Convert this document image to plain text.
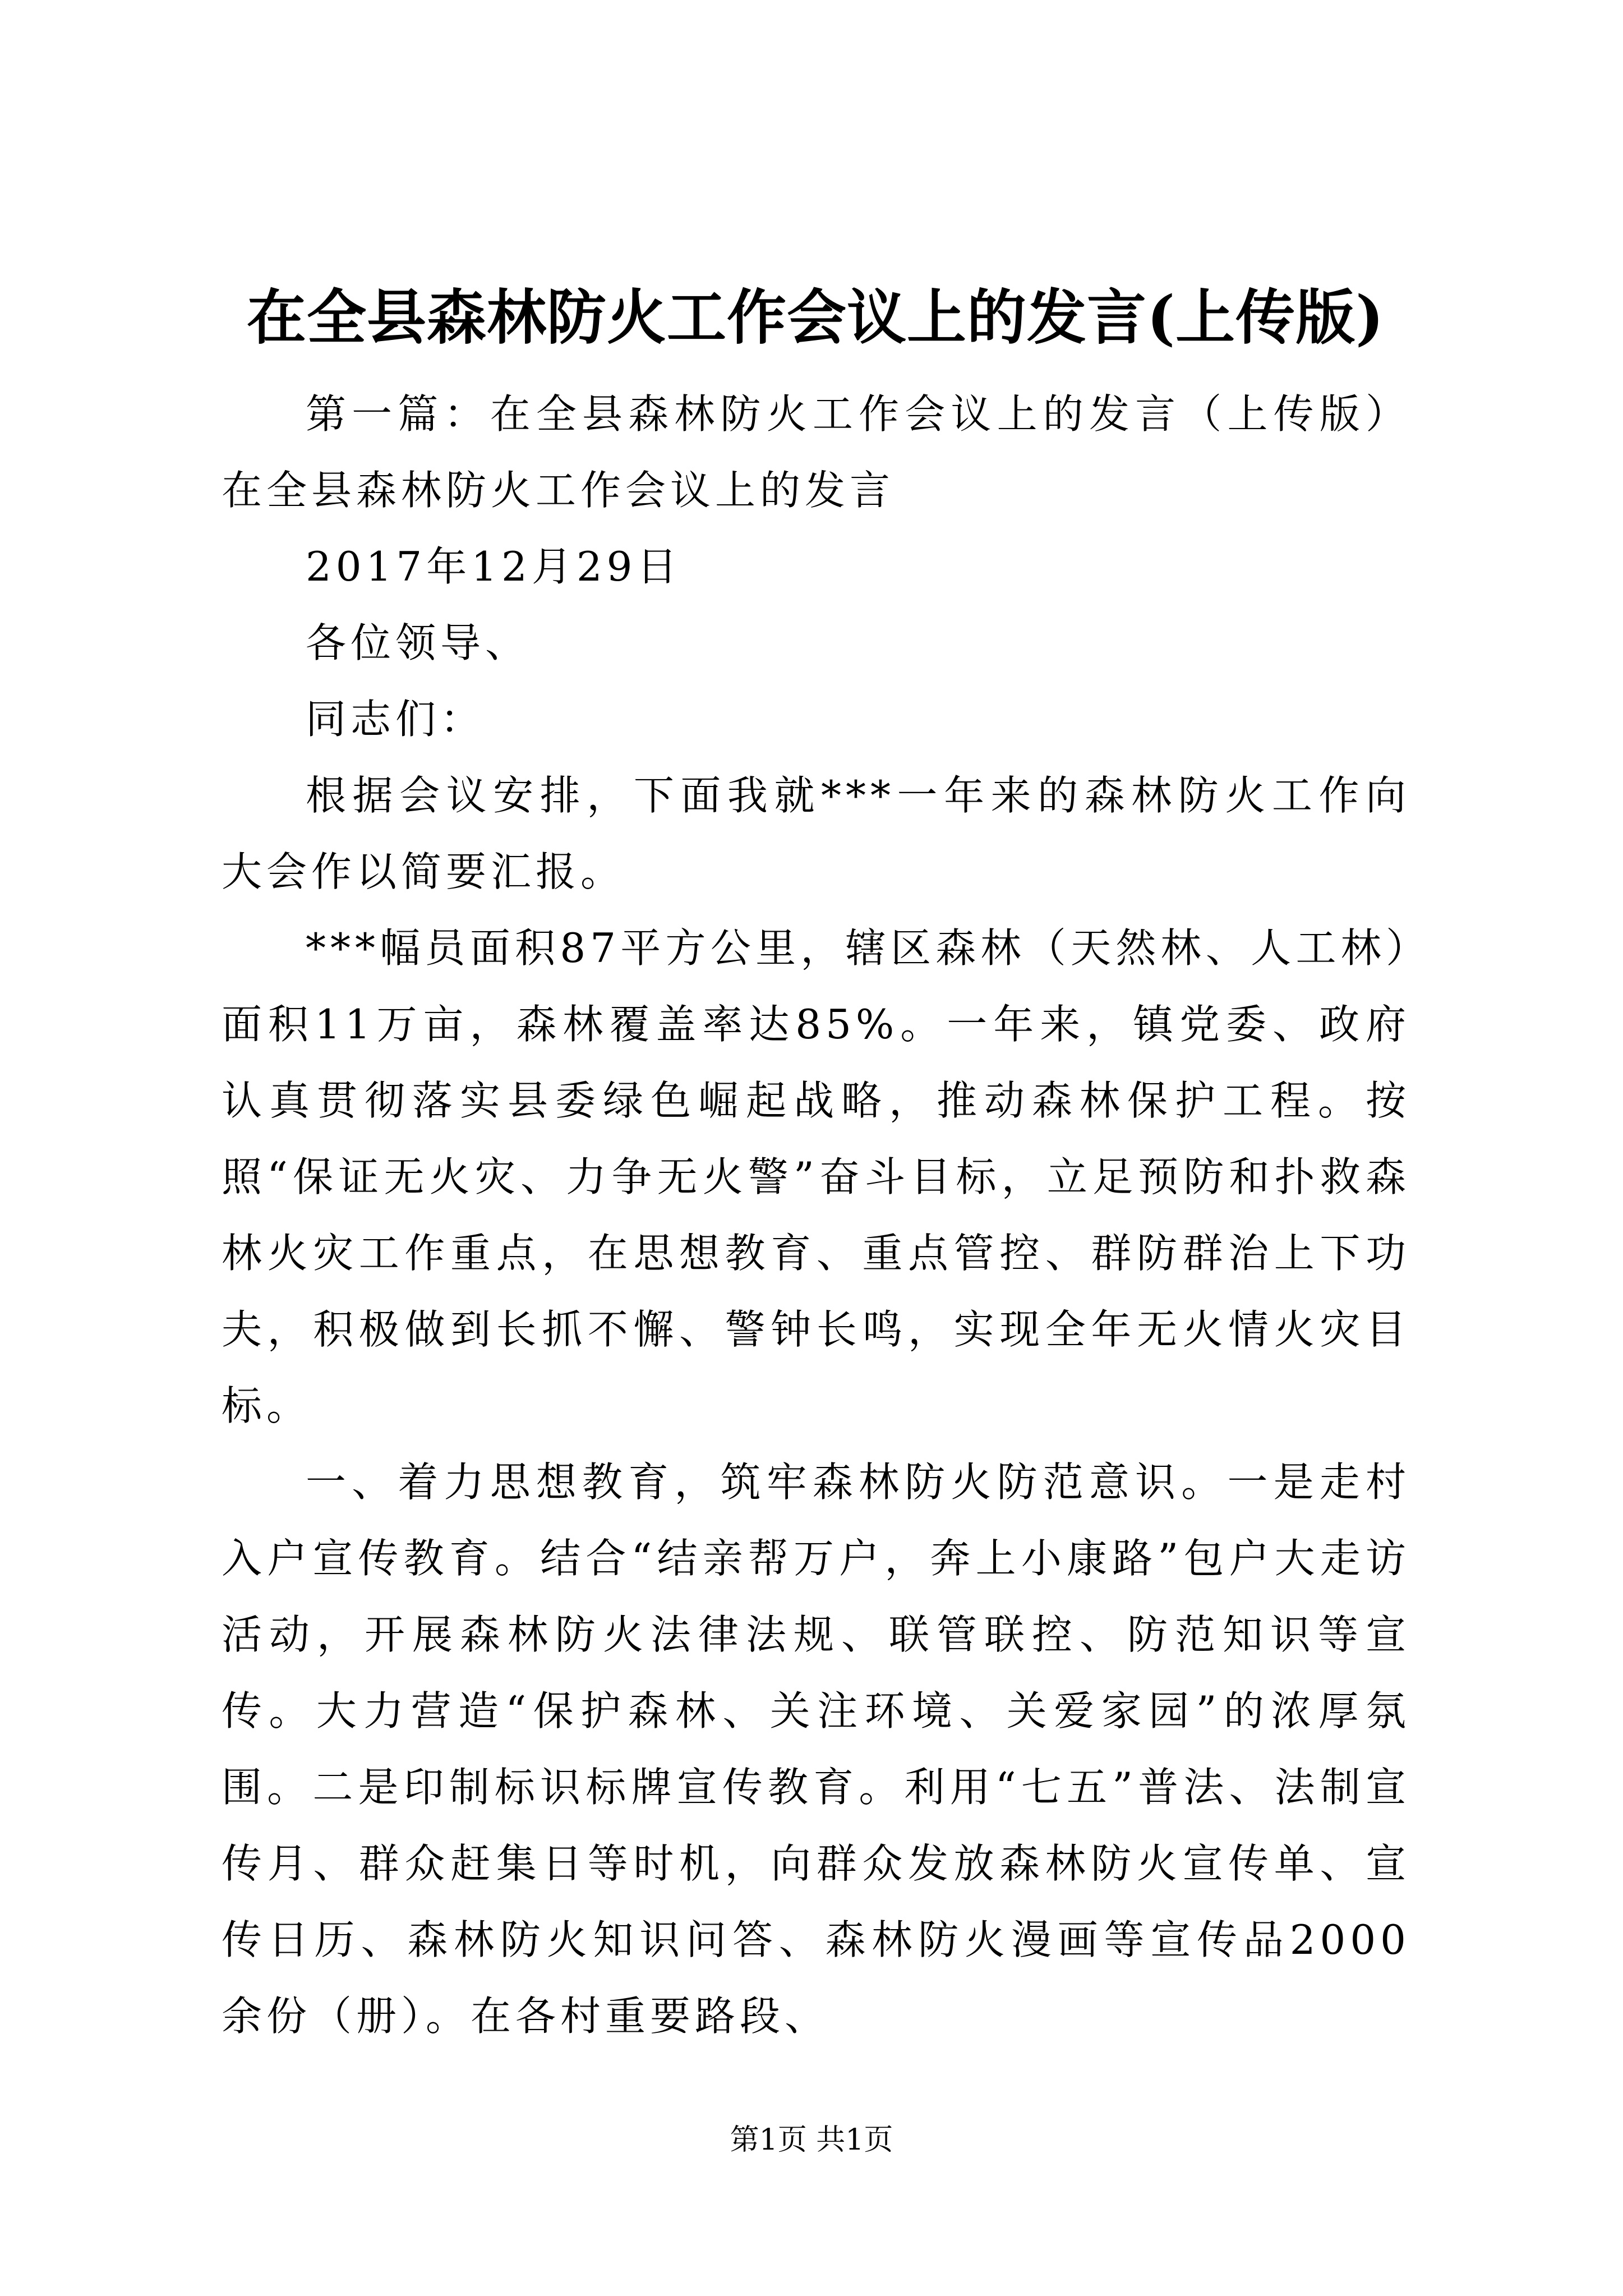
在全县森林防火工作会议上的发言(上传版)

第一篇：在全县森林防火工作会议上的发言（上传版）在全县森林防火工作会议上的发言

2017年12月29日

各位领导、

同志们：

根据会议安排，下面我就***一年来的森林防火工作向大会作以简要汇报。

***幅员面积87平方公里，辖区森林（天然林、人工林）面积11万亩，森林覆盖率达85%。一年来，镇党委、政府认真贯彻落实县委绿色崛起战略，推动森林保护工程。按照“保证无火灾、力争无火警”奋斗目标，立足预防和扑救森林火灾工作重点，在思想教育、重点管控、群防群治上下功夫，积极做到长抓不懈、警钟长鸣，实现全年无火情火灾目标。

一、着力思想教育，筑牢森林防火防范意识。一是走村入户宣传教育。结合“结亲帮万户，奔上小康路”包户大走访活动，开展森林防火法律法规、联管联控、防范知识等宣传。大力营造“保护森林、关注环境、关爱家园”的浓厚氛围。二是印制标识标牌宣传教育。利用“七五”普法、法制宣传月、群众赶集日等时机，向群众发放森林防火宣传单、宣传日历、森林防火知识问答、森林防火漫画等宣传品2000余份（册）。在各村重要路段、

第1页 共1页
